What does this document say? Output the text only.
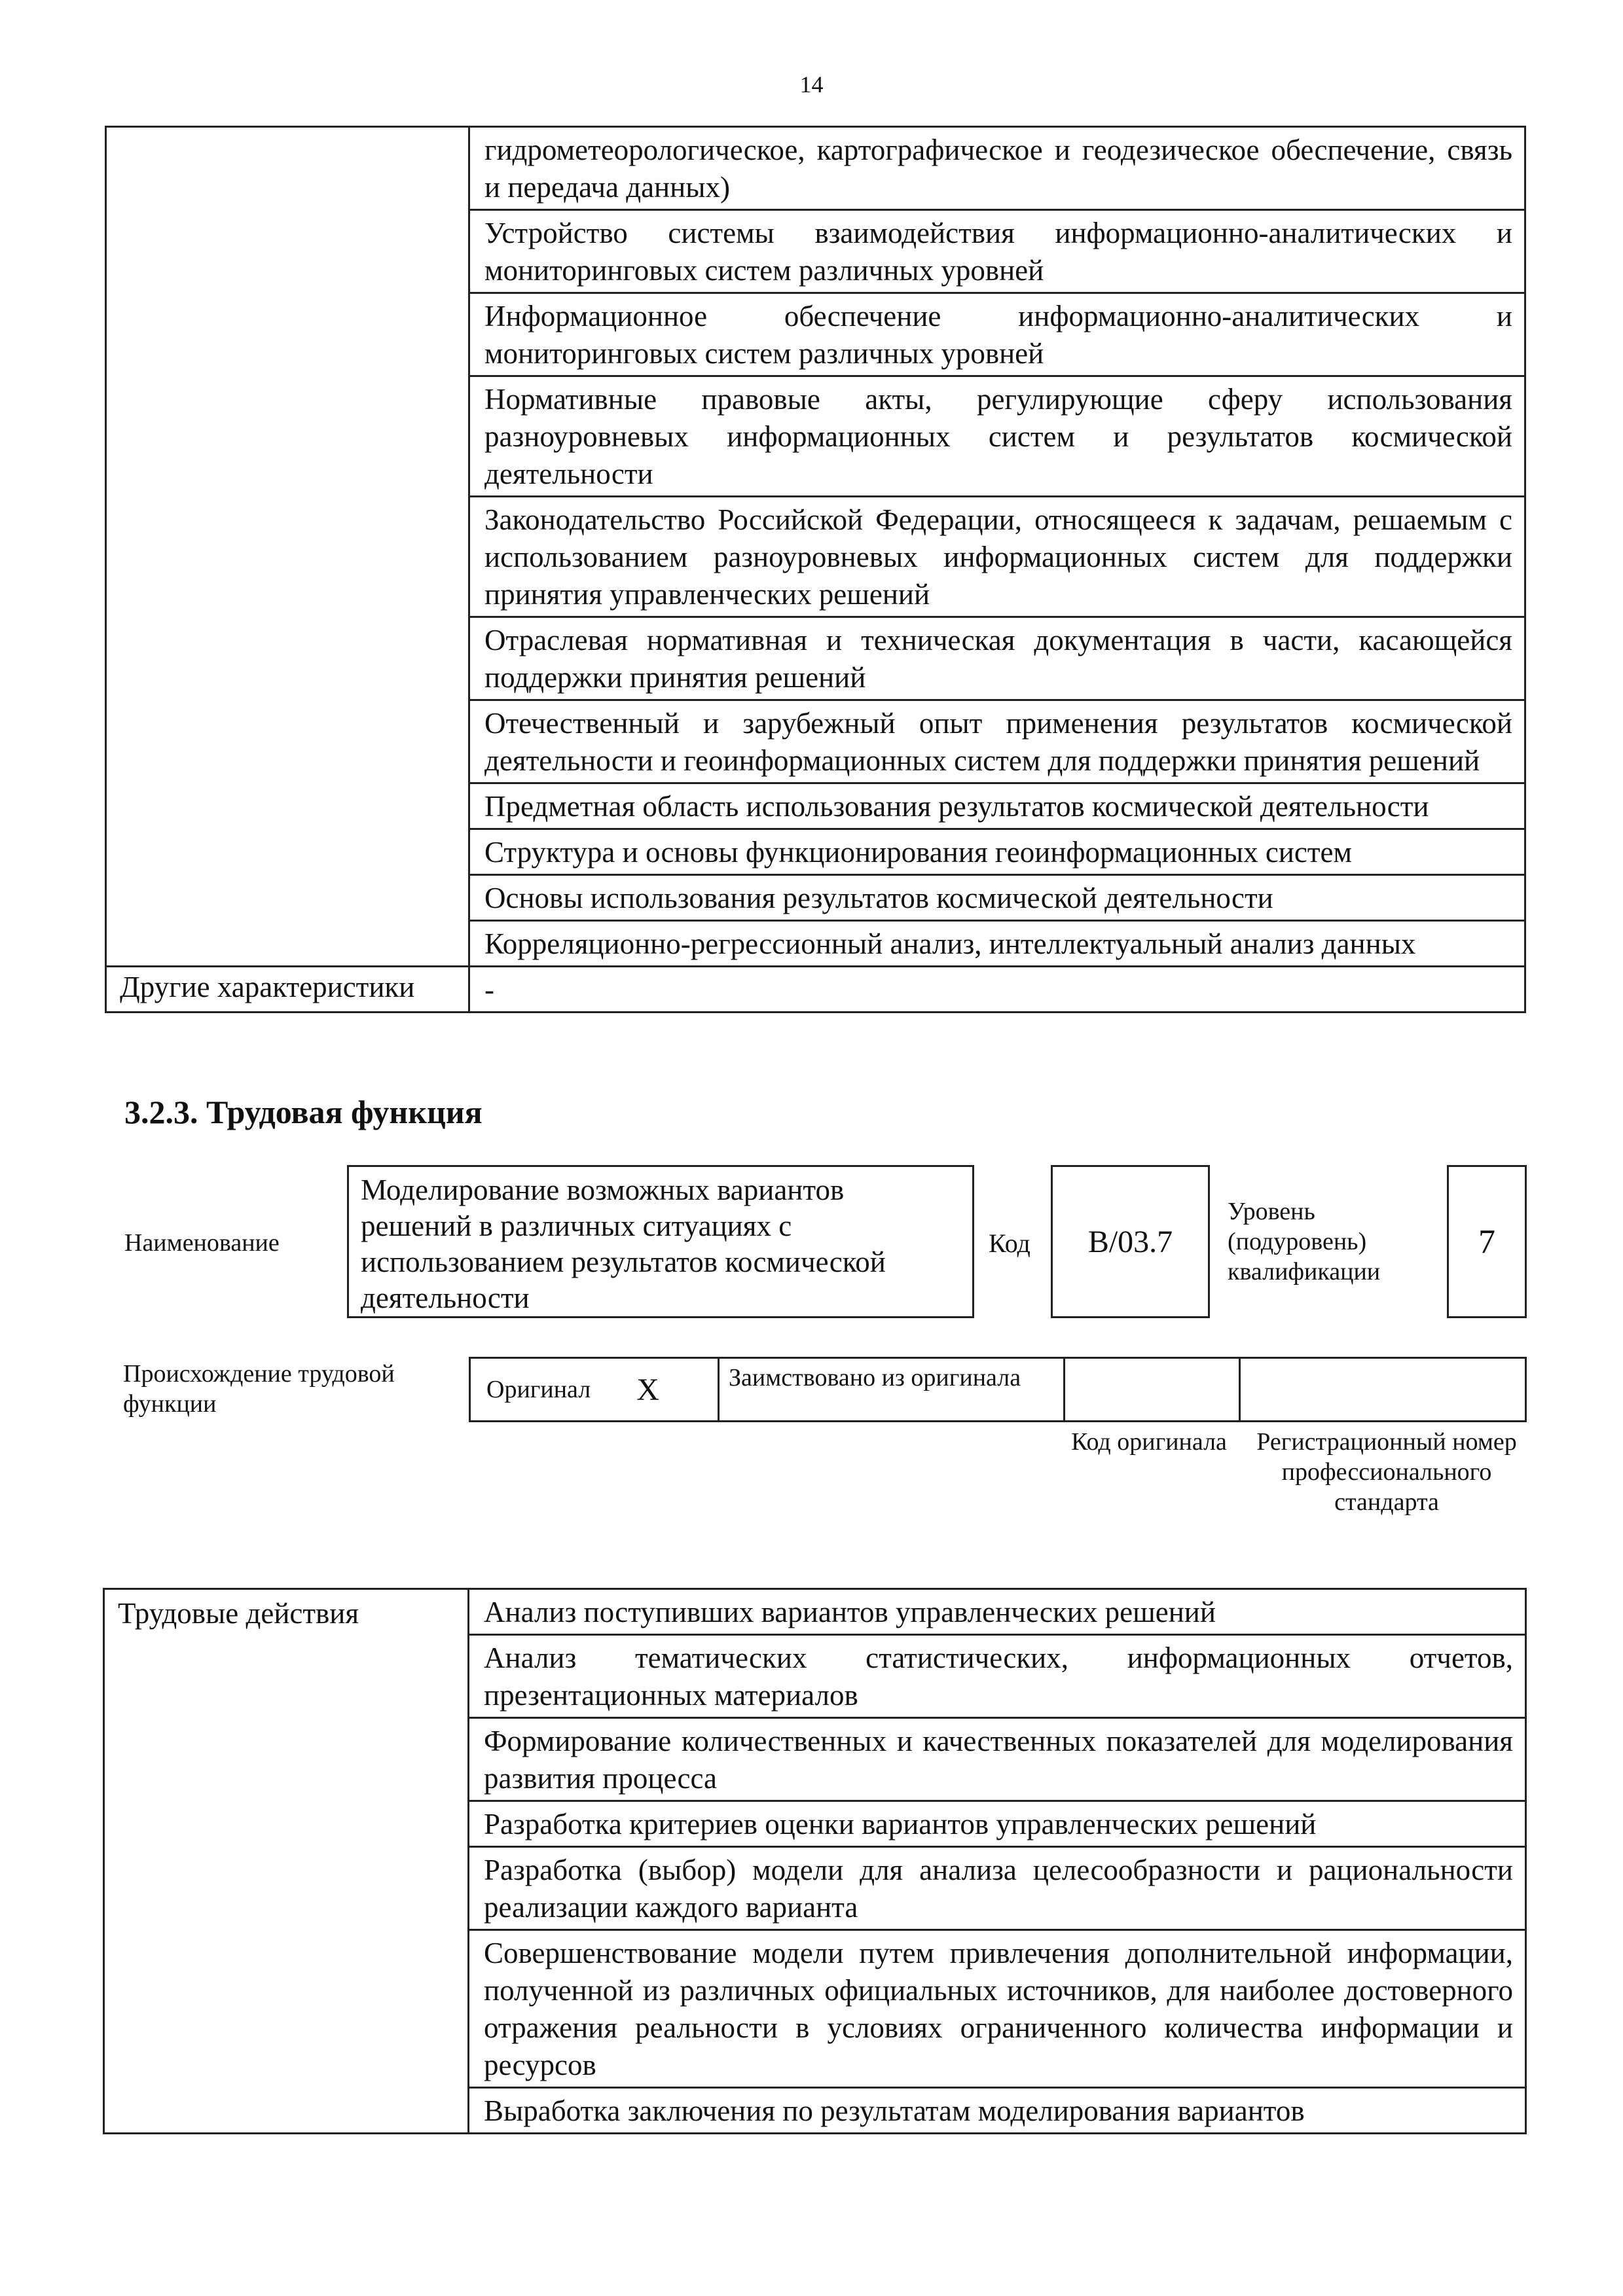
14
	гидрометеорологическое, картографическое и геодезическое обеспечение, связь и передача данных)
	Устройство системы взаимодействия информационно-аналитических и мониторинговых систем различных уровней
	Информационное обеспечение информационно-аналитических и мониторинговых систем различных уровней
	Нормативные правовые акты, регулирующие сферу использования разноуровневых информационных систем и результатов космической деятельности
	Законодательство Российской Федерации, относящееся к задачам, решаемым с использованием разноуровневых информационных систем для поддержки принятия управленческих решений
	Отраслевая нормативная и техническая документация в части, касающейся поддержки принятия решений
	Отечественный и зарубежный опыт применения результатов космической деятельности и геоинформационных систем для поддержки принятия решений
	Предметная область использования результатов космической деятельности
	Структура и основы функционирования геоинформационных систем
	Основы использования результатов космической деятельности
	Корреляционно-регрессионный анализ, интеллектуальный анализ данных
Другие характеристики	-
3.2.3. Трудовая функция
Наименование
Моделирование возможных вариантов решений в различных ситуациях с использованием результатов космической деятельности
Код	B/03.7
Уровень (подуровень) квалификации
7
Происхождение трудовой функции
Оригинал X	Заимствовано из оригинала
Код оригинала Регистрационный номер профессионального стандарта
Трудовые действия	Анализ поступивших вариантов управленческих решений
Анализ тематических статистических, информационных отчетов, презентационных материалов
Формирование количественных и качественных показателей для моделирования развития процесса
Разработка критериев оценки вариантов управленческих решений
Разработка (выбор) модели для анализа целесообразности и рациональности реализации каждого варианта
Совершенствование модели путем привлечения дополнительной информации, полученной из различных официальных источников, для наиболее достоверного отражения реальности в условиях ограниченного количества информации и ресурсов
Выработка заключения по результатам моделирования вариантов
